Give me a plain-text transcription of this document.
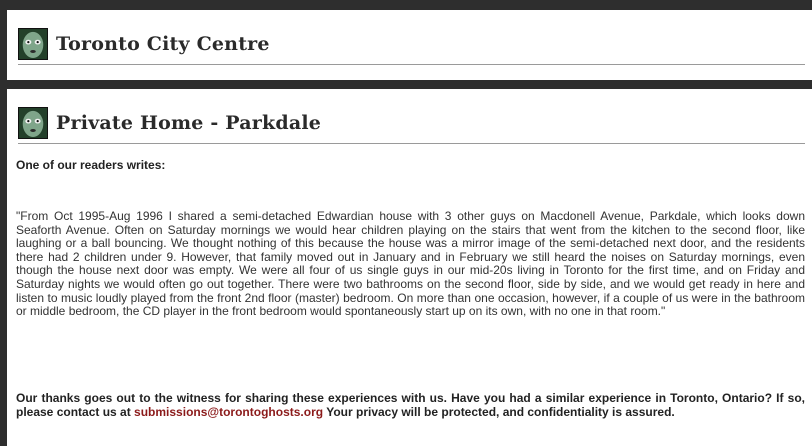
Toronto City Centre
Private Home - Parkdale

One of our readers writes:

"From Oct 1995-Aug 1996 I shared a semi-detached Edwardian house with 3 other guys on Macdonell Avenue, Parkdale, which looks down Seaforth Avenue. Often on Saturday mornings we would hear children playing on the stairs that went from the kitchen to the second floor, like laughing or a ball bouncing. We thought nothing of this because the house was a mirror image of the semi-detached next door, and the residents there had 2 children under 9. However, that family moved out in January and in February we still heard the noises on Saturday mornings, even though the house next door was empty. We were all four of us single guys in our mid-20s living in Toronto for the first time, and on Friday and Saturday nights we would often go out together. There were two bathrooms on the second floor, side by side, and we would get ready in here and listen to music loudly played from the front 2nd floor (master) bedroom. On more than one occasion, however, if a couple of us were in the bathroom or middle bedroom, the CD player in the front bedroom would spontaneously start up on its own, with no one in that room."

Our thanks goes out to the witness for sharing these experiences with us. Have you had a similar experience in Toronto, Ontario? If so, please contact us at submissions@torontoghosts.org Your privacy will be protected, and confidentiality is assured.
